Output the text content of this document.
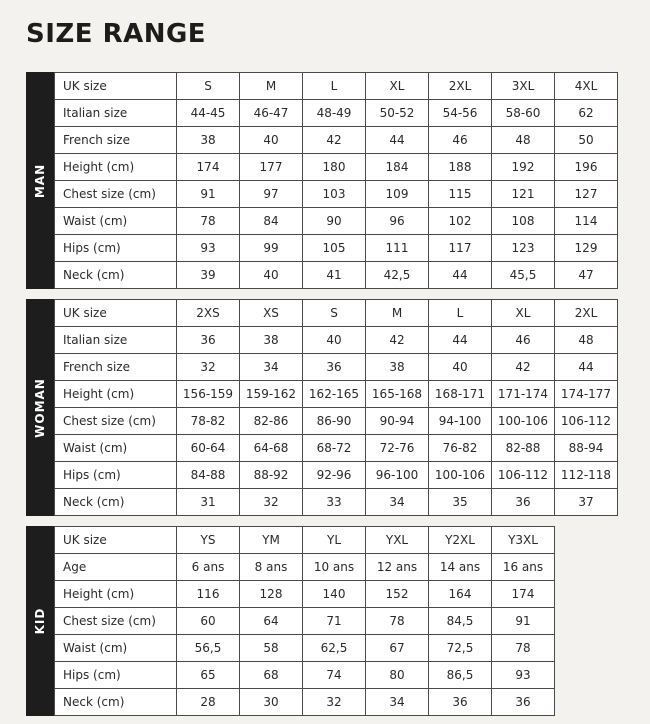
SIZE RANGE
MAN
UK size	S	M	L	XL	2XL	3XL	4XL
Italian size	44-45	46-47	48-49	50-52	54-56	58-60	62
French size	38	40	42	44	46	48	50
Height (cm)	174	177	180	184	188	192	196
Chest size (cm)	91	97	103	109	115	121	127
Waist (cm)	78	84	90	96	102	108	114
Hips (cm)	93	99	105	111	117	123	129
Neck (cm)	39	40	41	42,5	44	45,5	47
WOMAN
UK size	2XS	XS	S	M	L	XL	2XL
Italian size	36	38	40	42	44	46	48
French size	32	34	36	38	40	42	44
Height (cm)	156-159	159-162	162-165	165-168	168-171	171-174	174-177
Chest size (cm)	78-82	82-86	86-90	90-94	94-100	100-106	106-112
Waist (cm)	60-64	64-68	68-72	72-76	76-82	82-88	88-94
Hips (cm)	84-88	88-92	92-96	96-100	100-106	106-112	112-118
Neck (cm)	31	32	33	34	35	36	37
KID
UK size	YS	YM	YL	YXL	Y2XL	Y3XL
Age	6 ans	8 ans	10 ans	12 ans	14 ans	16 ans
Height (cm)	116	128	140	152	164	174
Chest size (cm)	60	64	71	78	84,5	91
Waist (cm)	56,5	58	62,5	67	72,5	78
Hips (cm)	65	68	74	80	86,5	93
Neck (cm)	28	30	32	34	36	36
